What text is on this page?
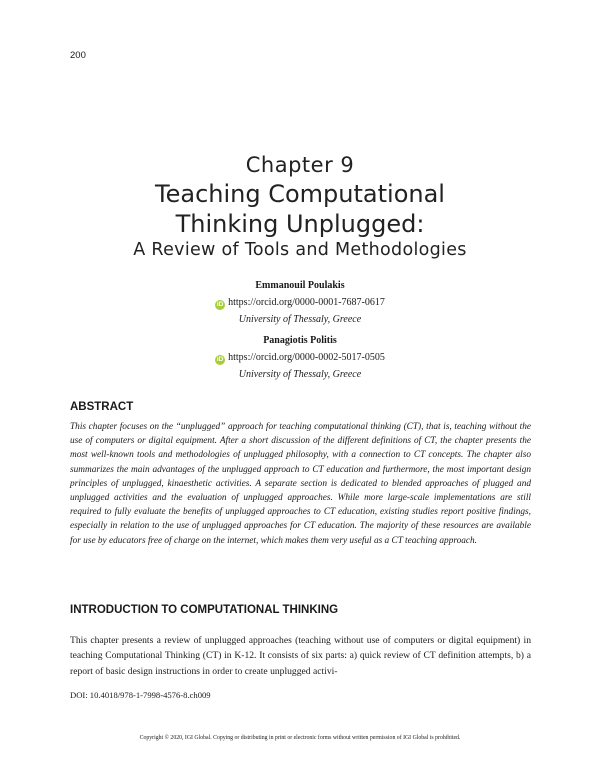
200
Chapter 9
Teaching Computational
Thinking Unplugged:
A Review of Tools and Methodologies
Emmanouil Poulakis
iD https://orcid.org/0000-0001-7687-0617
University of Thessaly, Greece
Panagiotis Politis
iD https://orcid.org/0000-0002-5017-0505
University of Thessaly, Greece
ABSTRACT
This chapter focuses on the “unplugged” approach for teaching computational thinking (CT), that is, teaching without the use of computers or digital equipment. After a short discussion of the different definitions of CT, the chapter presents the most well-known tools and methodologies of unplugged philosophy, with a connection to CT concepts. The chapter also summarizes the main advantages of the unplugged approach to CT education and furthermore, the most important design principles of unplugged, kinaesthetic activities. A separate section is dedicated to blended approaches of plugged and unplugged activities and the evaluation of unplugged approaches. While more large-scale implementations are still required to fully evaluate the benefits of unplugged approaches to CT education, existing studies report positive findings, especially in relation to the use of unplugged approaches for CT education. The majority of these resources are available for use by educators free of charge on the internet, which makes them very useful as a CT teaching approach.
INTRODUCTION TO COMPUTATIONAL THINKING
This chapter presents a review of unplugged approaches (teaching without use of computers or digital equipment) in teaching Computational Thinking (CT) in K-12. It consists of six parts: a) quick review of CT definition attempts, b) a report of basic design instructions in order to create unplugged activi-
DOI: 10.4018/978-1-7998-4576-8.ch009
Copyright © 2020, IGI Global. Copying or distributing in print or electronic forms without written permission of IGI Global is prohibited.
